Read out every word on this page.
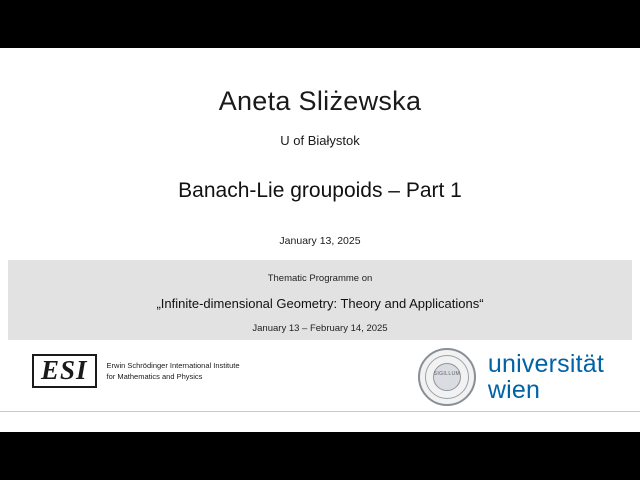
Aneta Sliżewska
U of Białystok
Banach-Lie groupoids – Part 1
January 13, 2025
Thematic Programme on
„Infinite-dimensional Geometry: Theory and Applications“
January 13 – February 14, 2025
ESI	Erwin Schrödinger International Institute
for Mathematics and Physics	SIGILLUM	universität
wien
